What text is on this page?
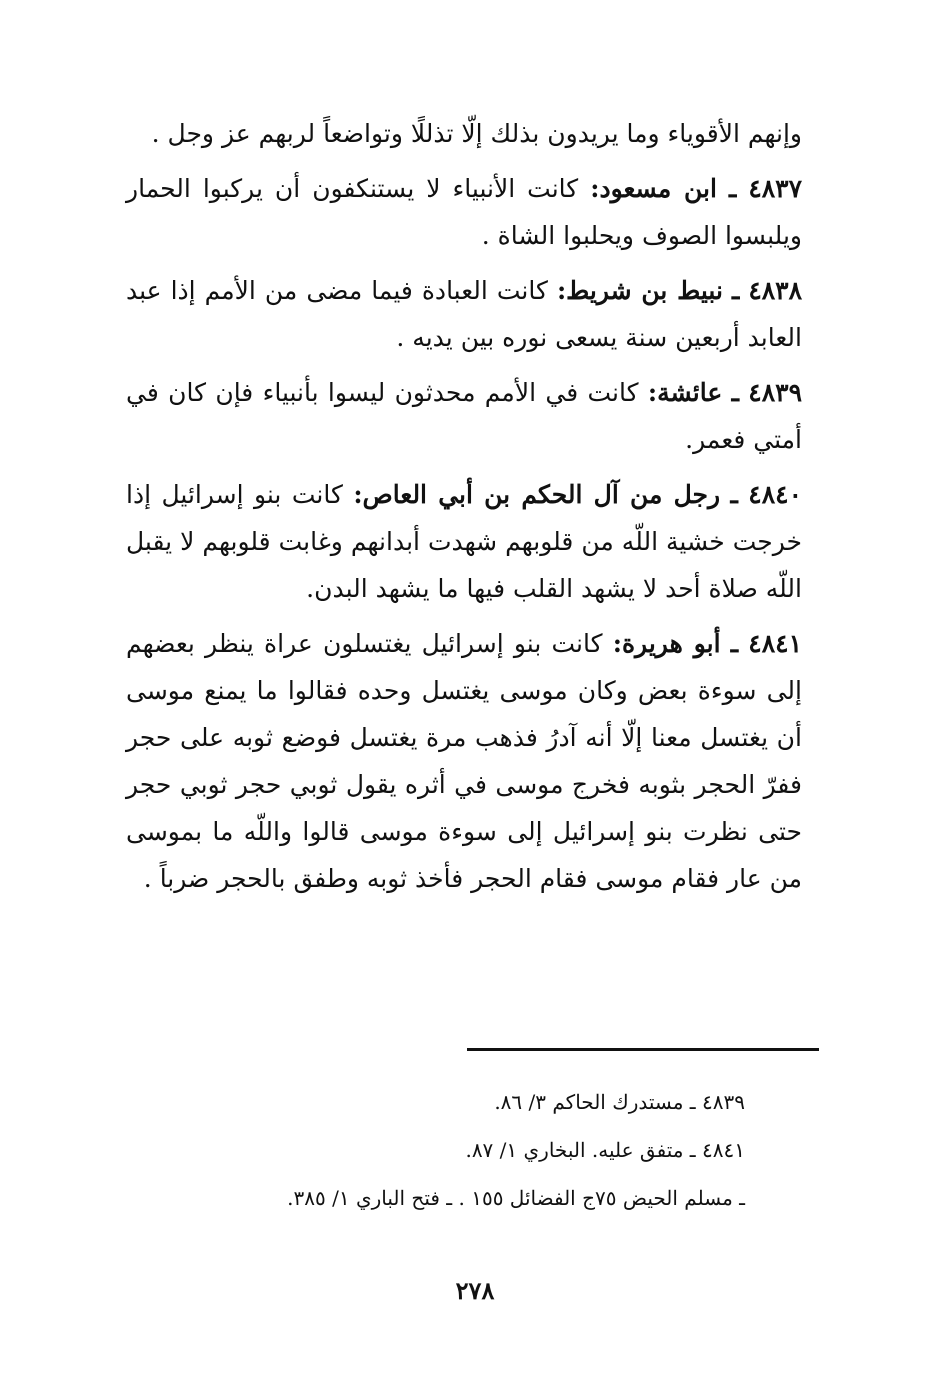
وإنهم الأقوياء وما يريدون بذلك إلّا تذللًا وتواضعاً لربهم عز وجل .

٤٨٣٧ ـ ابن مسعود: كانت الأنبياء لا يستنكفون أن يركبوا الحمار ويلبسوا الصوف ويحلبوا الشاة .

٤٨٣٨ ـ نبيط بن شريط: كانت العبادة فيما مضى من الأمم إذا عبد العابد أربعين سنة يسعى نوره بين يديه .

٤٨٣٩ ـ عائشة: كانت في الأمم محدثون ليسوا بأنبياء فإن كان في أمتي فعمر.

٤٨٤٠ ـ رجل من آل الحكم بن أبي العاص: كانت بنو إسرائيل إذا خرجت خشية اللّه من قلوبهم شهدت أبدانهم وغابت قلوبهم لا يقبل اللّه صلاة أحد لا يشهد القلب فيها ما يشهد البدن.

٤٨٤١ ـ أبو هريرة: كانت بنو إسرائيل يغتسلون عراة ينظر بعضهم إلى سوءة بعض وكان موسى يغتسل وحده فقالوا ما يمنع موسى أن يغتسل معنا إلّا أنه آدرُ فذهب مرة يغتسل فوضع ثوبه على حجر ففرّ الحجر بثوبه فخرج موسى في أثره يقول ثوبي حجر ثوبي حجر حتى نظرت بنو إسرائيل إلى سوءة موسى قالوا واللّه ما بموسى من عار فقام موسى فقام الحجر فأخذ ثوبه وطفق بالحجر ضرباً .

٤٨٣٩ ـ مستدرك الحاكم ٣/ ٨٦.

٤٨٤١ ـ متفق عليه. البخاري ١/ ٨٧.

ـ مسلم الحيض ٧٥ج الفضائل ١٥٥ . ـ فتح الباري ١/ ٣٨٥.

٢٧٨
